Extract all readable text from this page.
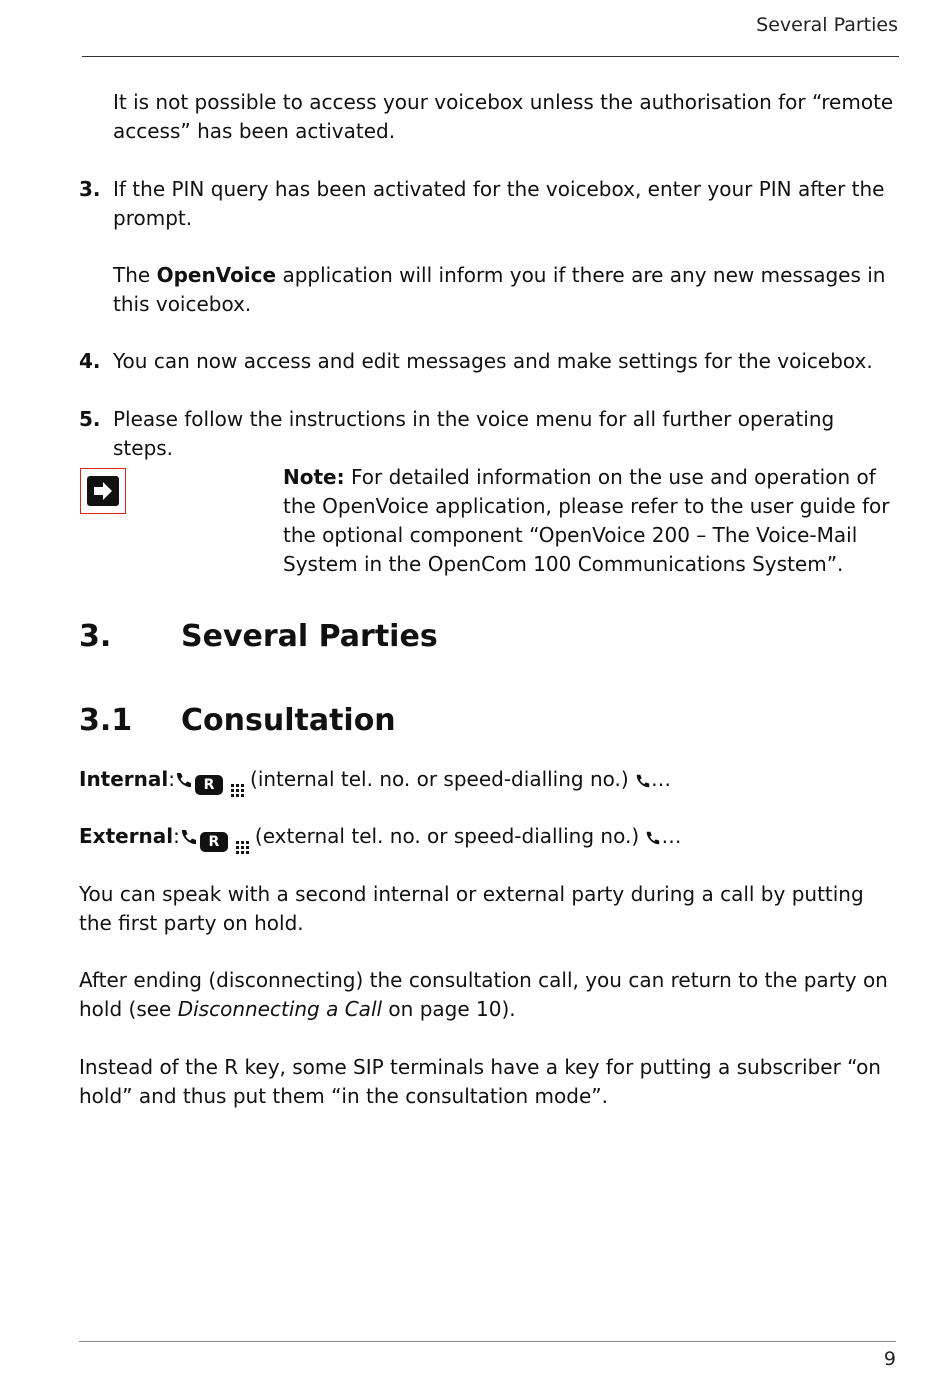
Several Parties
It is not possible to access your voicebox unless the authorisation for “remote access” has been activated.
3. If the PIN query has been activated for the voicebox, enter your PIN after the prompt.
The OpenVoice application will inform you if there are any new messages in this voicebox.
4. You can now access and edit messages and make settings for the voicebox.
5. Please follow the instructions in the voice menu for all further operating steps.
Note: For detailed information on the use and operation of the OpenVoice application, please refer to the user guide for the optional component “OpenVoice 200 – The Voice-Mail System in the OpenCom 100 Communications System”.
3.	Several Parties
3.1	Consultation
Internal: R (internal tel. no. or speed-dialling no.) …
External: R (external tel. no. or speed-dialling no.) …
You can speak with a second internal or external party during a call by putting the first party on hold.
After ending (disconnecting) the consultation call, you can return to the party on hold (see Disconnecting a Call on page 10).
Instead of the R key, some SIP terminals have a key for putting a subscriber “on hold” and thus put them “in the consultation mode”.
9
